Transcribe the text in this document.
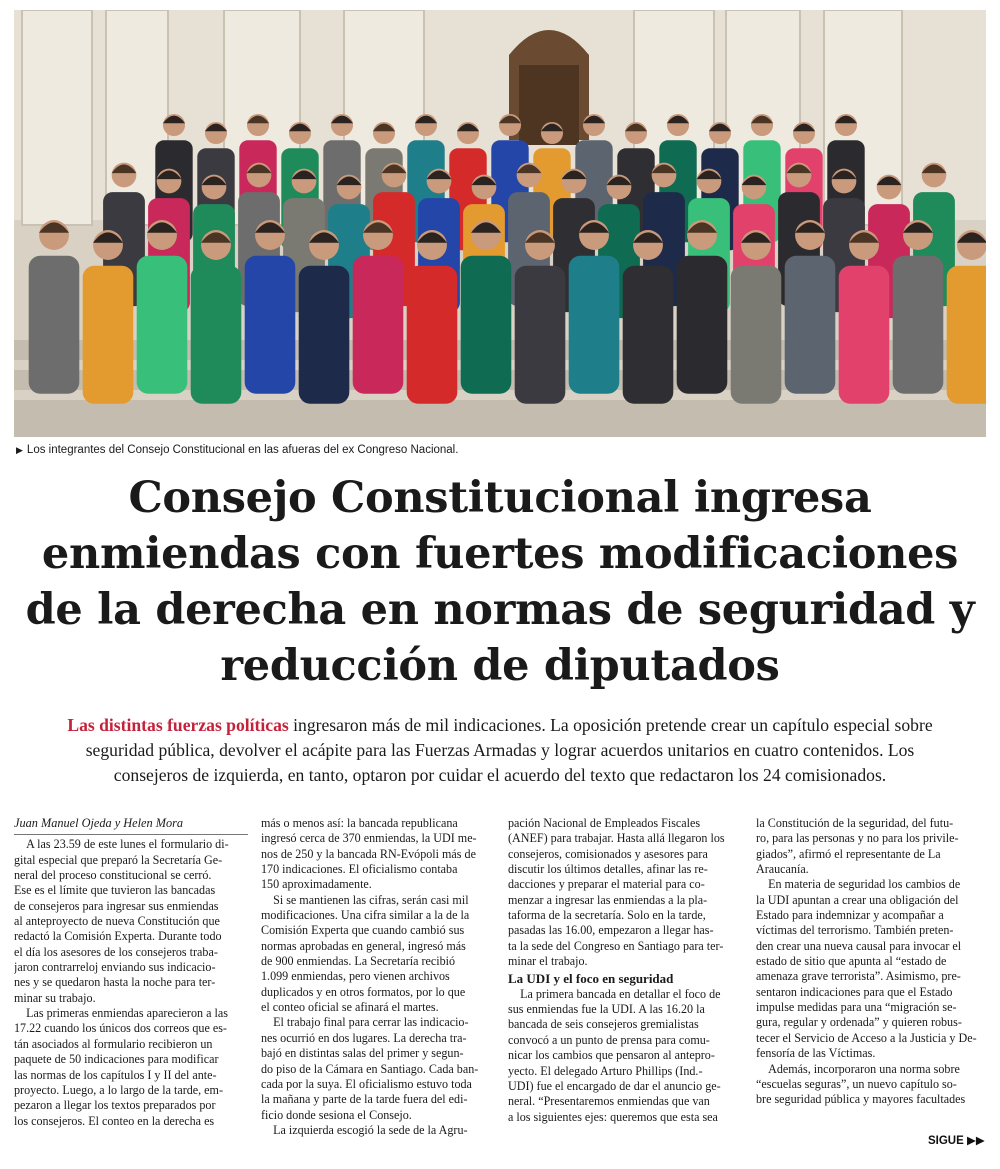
▶ Los integrantes del Consejo Constitucional en las afueras del ex Congreso Nacional.
Consejo Constitucional ingresa
enmiendas con fuertes modificaciones
de la derecha en normas de seguridad y
reducción de diputados
Las distintas fuerzas políticas ingresaron más de mil indicaciones. La oposición pretende crear un capítulo especial sobre
seguridad pública, devolver el acápite para las Fuerzas Armadas y lograr acuerdos unitarios en cuatro contenidos. Los
consejeros de izquierda, en tanto, optaron por cuidar el acuerdo del texto que redactaron los 24 comisionados.
Juan Manuel Ojeda y Helen Mora
 A las 23.59 de este lunes el formulario di-
gital especial que preparó la Secretaría Ge-
neral del proceso constitucional se cerró.
Ese es el límite que tuvieron las bancadas
de consejeros para ingresar sus enmiendas
al anteproyecto de nueva Constitución que
redactó la Comisión Experta. Durante todo
el día los asesores de los consejeros traba-
jaron contrarreloj enviando sus indicacio-
nes y se quedaron hasta la noche para ter-
minar su trabajo.
 Las primeras enmiendas aparecieron a las
17.22 cuando los únicos dos correos que es-
tán asociados al formulario recibieron un
paquete de 50 indicaciones para modificar
las normas de los capítulos I y II del ante-
proyecto. Luego, a lo largo de la tarde, em-
pezaron a llegar los textos preparados por
los consejeros. El conteo en la derecha es
más o menos así: la bancada republicana
ingresó cerca de 370 enmiendas, la UDI me-
nos de 250 y la bancada RN-Evópoli más de
170 indicaciones. El oficialismo contaba
150 aproximadamente.
 Si se mantienen las cifras, serán casi mil
modificaciones. Una cifra similar a la de la
Comisión Experta que cuando cambió sus
normas aprobadas en general, ingresó más
de 900 enmiendas. La Secretaría recibió
1.099 enmiendas, pero vienen archivos
duplicados y en otros formatos, por lo que
el conteo oficial se afinará el martes.
 El trabajo final para cerrar las indicacio-
nes ocurrió en dos lugares. La derecha tra-
bajó en distintas salas del primer y segun-
do piso de la Cámara en Santiago. Cada ban-
cada por la suya. El oficialismo estuvo toda
la mañana y parte de la tarde fuera del edi-
ficio donde sesiona el Consejo.
 La izquierda escogió la sede de la Agru-
pación Nacional de Empleados Fiscales
(ANEF) para trabajar. Hasta allá llegaron los
consejeros, comisionados y asesores para
discutir los últimos detalles, afinar las re-
dacciones y preparar el material para co-
menzar a ingresar las enmiendas a la pla-
taforma de la secretaría. Solo en la tarde,
pasadas las 16.00, empezaron a llegar has-
ta la sede del Congreso en Santiago para ter-
minar el trabajo.
La UDI y el foco en seguridad
 La primera bancada en detallar el foco de
sus enmiendas fue la UDI. A las 16.20 la
bancada de seis consejeros gremialistas
convocó a un punto de prensa para comu-
nicar los cambios que pensaron al antepro-
yecto. El delegado Arturo Phillips (Ind.-
UDI) fue el encargado de dar el anuncio ge-
neral. “Presentaremos enmiendas que van
a los siguientes ejes: queremos que esta sea
la Constitución de la seguridad, del futu-
ro, para las personas y no para los privile-
giados”, afirmó el representante de La
Araucanía.
 En materia de seguridad los cambios de
la UDI apuntan a crear una obligación del
Estado para indemnizar y acompañar a
víctimas del terrorismo. También preten-
den crear una nueva causal para invocar el
estado de sitio que apunta al “estado de
amenaza grave terrorista”. Asimismo, pre-
sentaron indicaciones para que el Estado
impulse medidas para una “migración se-
gura, regular y ordenada” y quieren robus-
tecer el Servicio de Acceso a la Justicia y De-
fensoría de las Víctimas.
 Además, incorporaron una norma sobre
“escuelas seguras”, un nuevo capítulo so-
bre seguridad pública y mayores facultades
SIGUE ▶▶
